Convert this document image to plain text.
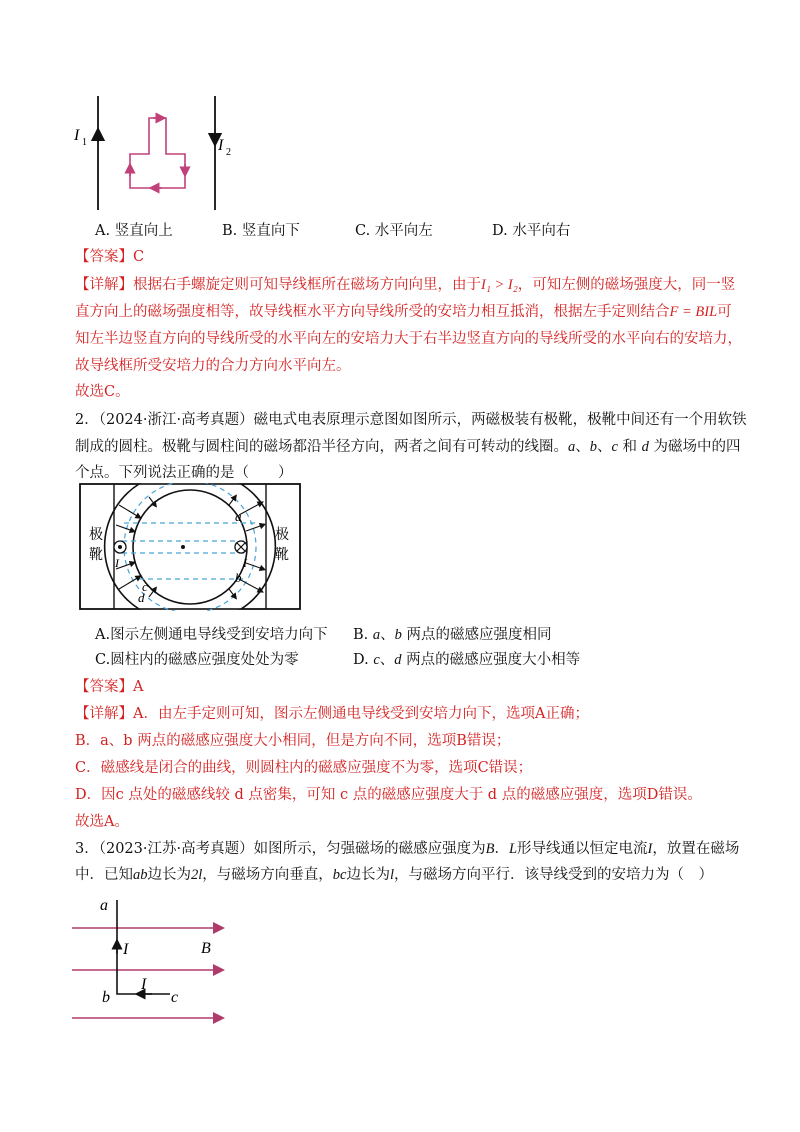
I 1	I 2
A. 竖直向上	B. 竖直向下	C. 水平向左	D. 水平向右
【答案】C
【详解】根据右手螺旋定则可知导线框所在磁场方向向里，由于I₁ > I₂，可知左侧的磁场强度大，同一竖
直方向上的磁场强度相等，故导线框水平方向导线所受的安培力相互抵消，根据左手定则结合F = BIL可
知左半边竖直方向的导线所受的水平向左的安培力大于右半边竖直方向的导线所受的水平向右的安培力，
故导线框所受安培力的合力方向水平向左。
故选C。
2．（2024·浙江·高考真题）磁电式电表原理示意图如图所示，两磁极装有极靴，极靴中间还有一个用软铁
制成的圆柱。极靴与圆柱间的磁场都沿半径方向，两者之间有可转动的线圈。a、b、c 和 d 为磁场中的四
个点。下列说法正确的是（　　）
极
靴
极
靴
a
b
c
d
I	I
A.图示左侧通电导线受到安培力向下 B. a、b 两点的磁感应强度相同
C.圆柱内的磁感应强度处处为零	D. c、d 两点的磁感应强度大小相等
【答案】A
【详解】A．由左手定则可知，图示左侧通电导线受到安培力向下，选项A正确；
B．a、b 两点的磁感应强度大小相同，但是方向不同，选项B错误；
C．磁感线是闭合的曲线，则圆柱内的磁感应强度不为零，选项C错误；
D．因c 点处的磁感线较 d 点密集，可知 c 点的磁感应强度大于 d 点的磁感应强度，选项D错误。
故选A。
3．（2023·江苏·高考真题）如图所示，匀强磁场的磁感应强度为B．L形导线通以恒定电流I，放置在磁场
中．已知ab边长为2l，与磁场方向垂直，bc边长为l，与磁场方向平行．该导线受到的安培力为（　）
a
b	c
I
I
B
